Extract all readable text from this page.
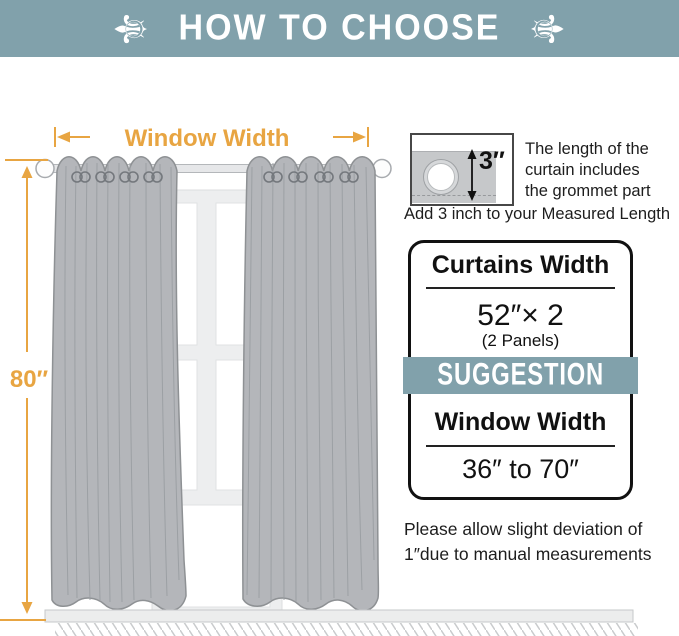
⚜ HOW TO CHOOSE ⚜
Window Width
80″
3″ The length of the
curtain includes
the grommet part
Add 3 inch to your Measured Length
Curtains Width
52″× 2
(2 Panels)
SUGGESTION
Window Width
36″ to 70″
Please allow slight deviation of
1″due to manual measurements
